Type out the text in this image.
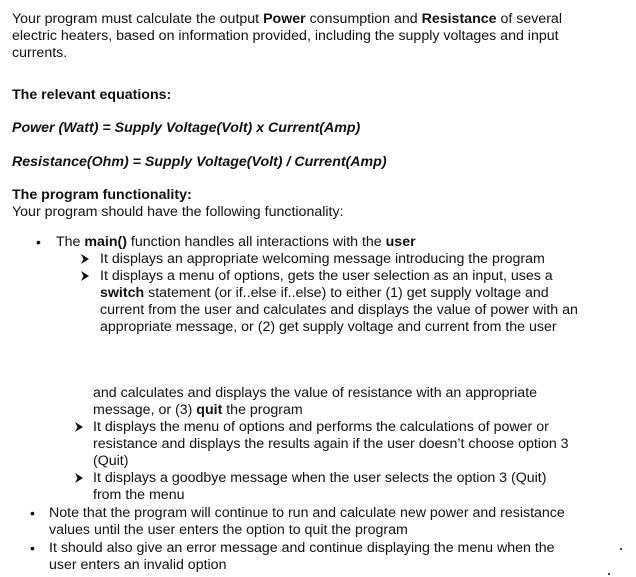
Your program must calculate the output Power consumption and Resistance of several
electric heaters, based on information provided, including the supply voltages and input
currents.
The relevant equations:
Power (Watt) = Supply Voltage(Volt) x Current(Amp)
Resistance(Ohm) = Supply Voltage(Volt) / Current(Amp)
The program functionality:
Your program should have the following functionality:
• The main() function handles all interactions with the user
It displays an appropriate welcoming message introducing the program
It displays a menu of options, gets the user selection as an input, uses a
switch statement (or if..else if..else) to either (1) get supply voltage and
current from the user and calculates and displays the value of power with an
appropriate message, or (2) get supply voltage and current from the user
and calculates and displays the value of resistance with an appropriate
message, or (3) quit the program
It displays the menu of options and performs the calculations of power or
resistance and displays the results again if the user doesn’t choose option 3
(Quit)
It displays a goodbye message when the user selects the option 3 (Quit)
from the menu
• Note that the program will continue to run and calculate new power and resistance
values until the user enters the option to quit the program
• It should also give an error message and continue displaying the menu when the
user enters an invalid option
